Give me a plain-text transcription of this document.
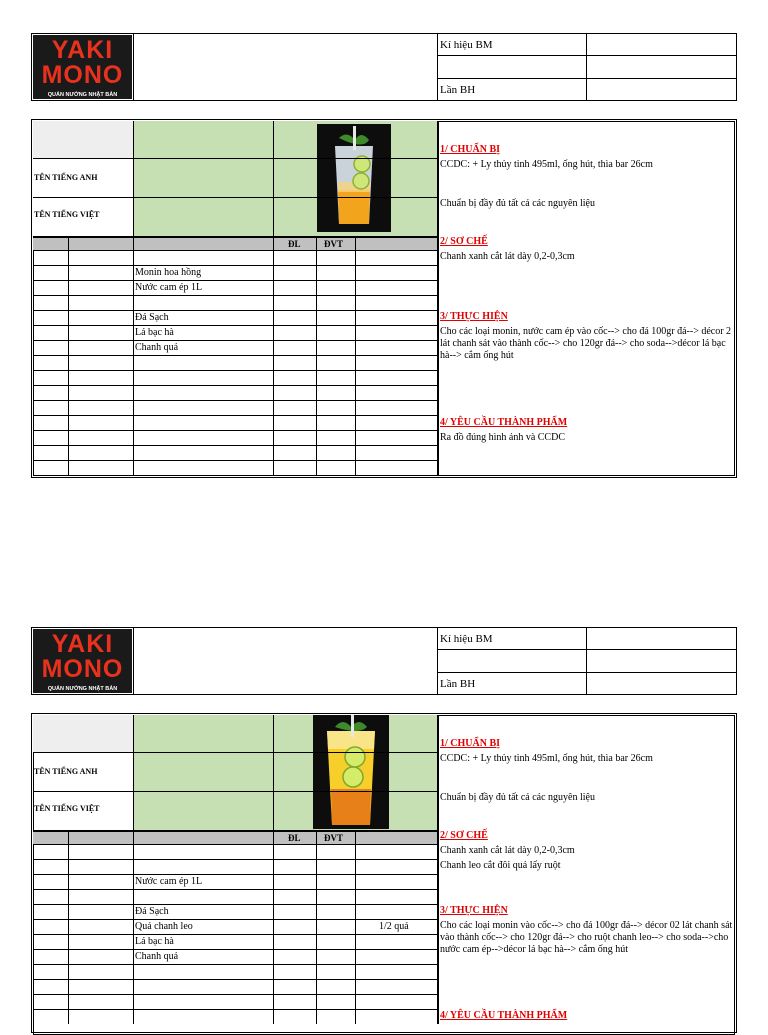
YAKI
MONO
QUÁN NƯỚNG NHẬT BẢN
Kí hiệu BM
Lần BH
TÊN TIẾNG ANH
TÊN TIẾNG VIỆT
ĐL	ĐVT
Monin hoa hồng
Nước cam ép 1L
Đá Sạch
Lá bạc hà
Chanh quả
1/ CHUẨN BỊ
CCDC: + Ly thủy tinh 495ml, ống hút, thìa bar 26cm
Chuẩn bị đầy đủ tất cả các nguyên liệu
2/ SƠ CHẾ
Chanh xanh cắt lát dày 0,2-0,3cm
3/ THỰC HIỆN
Cho các loại monin, nước cam ép vào cốc--> cho đá 100gr đá--> décor 2 lát chanh sát vào thành cốc--> cho 120gr đá--> cho soda-->décor lá bạc hà--> cắm ống hút
4/ YÊU CẦU THÀNH PHẨM
Ra đồ đúng hình ảnh và CCDC
YAKI
MONO
QUÁN NƯỚNG NHẬT BẢN
Kí hiệu BM
Lần BH
TÊN TIẾNG ANH
TÊN TIẾNG VIỆT
ĐL	ĐVT
Nước cam ép 1L
Đá Sạch
Quả chanh leo	1/2 quả
Lá bạc hà
Chanh quả
1/ CHUẨN BỊ
CCDC: + Ly thủy tinh 495ml, ống hút, thìa bar 26cm
Chuẩn bị đầy đủ tất cả các nguyên liệu
2/ SƠ CHẾ
Chanh xanh cắt lát dày 0,2-0,3cm
Chanh leo cắt đôi quả lấy ruột
3/ THỰC HIỆN
Cho các loại monin vào cốc--> cho đá 100gr đá--> décor 02 lát chanh sát vào thành cốc--> cho 120gr đá--> cho ruột chanh leo--> cho soda-->cho nước cam ép-->décor lá bạc hà--> cắm ống hút
4/ YÊU CẦU THÀNH PHẨM
